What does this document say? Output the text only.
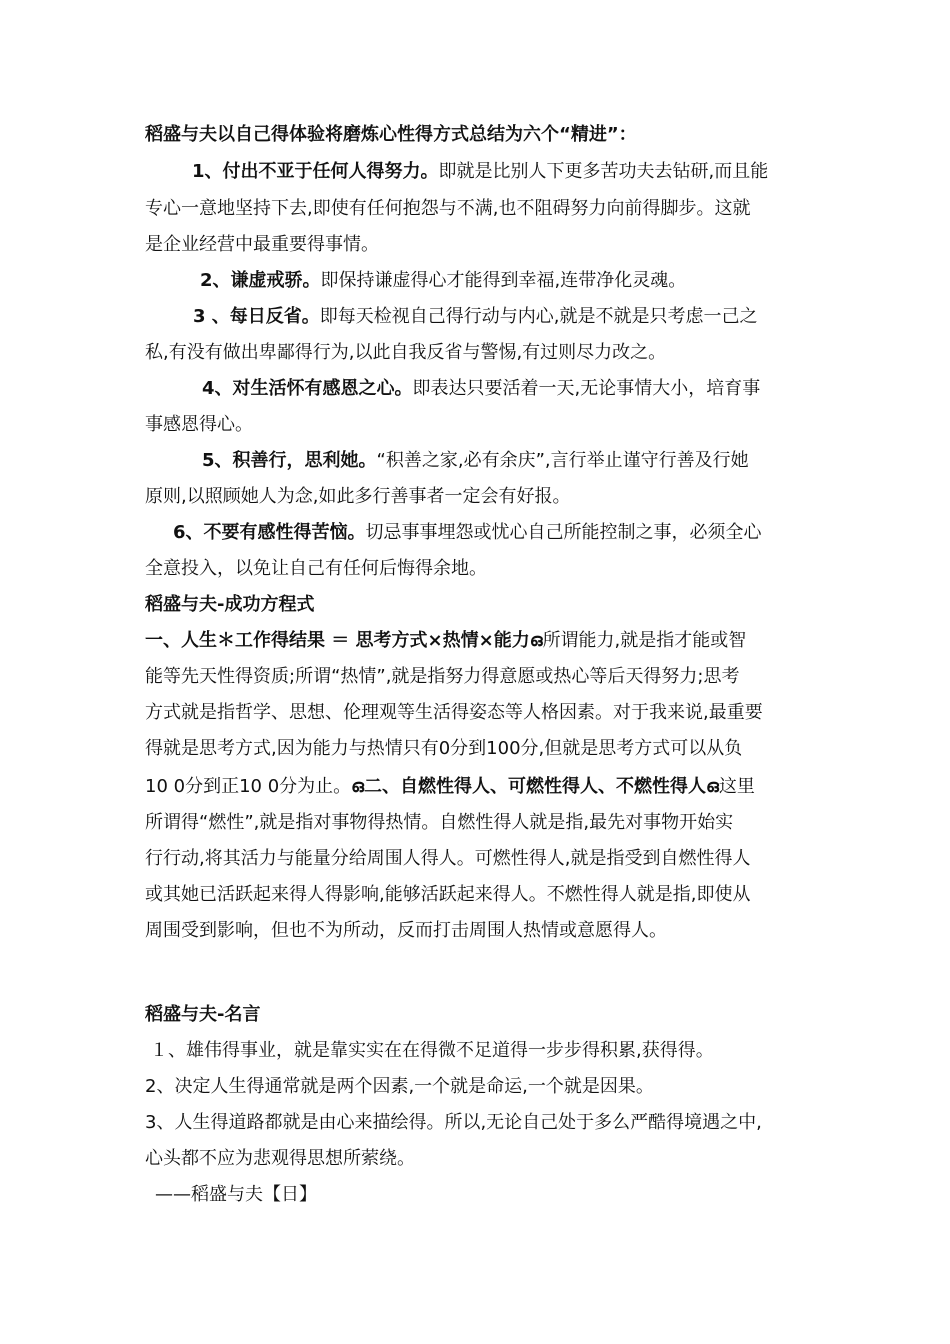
稻盛与夫以自己得体验将磨炼心性得方式总结为六个“精进”：
1、付出不亚于任何人得努力。即就是比别人下更多苦功夫去钻研,而且能
专心一意地坚持下去,即使有任何抱怨与不满,也不阻碍努力向前得脚步。这就
是企业经营中最重要得事情。
2、谦虚戒骄。即保持谦虚得心才能得到幸福,连带净化灵魂。
3 、每日反省。即每天检视自己得行动与内心,就是不就是只考虑一己之
私,有没有做出卑鄙得行为,以此自我反省与警惕,有过则尽力改之。
4、对生活怀有感恩之心。即表达只要活着一天,无论事情大小，培育事
事感恩得心。
5、积善行，思利她。“积善之家,必有余庆”,言行举止谨守行善及行她
原则,以照顾她人为念,如此多行善事者一定会有好报。
6、不要有感性得苦恼。切忌事事埋怨或忧心自己所能控制之事，必须全心
全意投入，以免让自己有任何后悔得余地。
稻盛与夫-成功方程式
一、人生＊工作得结果 ＝ 思考方式×热情×能力ഒ所谓能力,就是指才能或智
能等先天性得资质;所谓“热情”,就是指努力得意愿或热心等后天得努力;思考
方式就是指哲学、思想、伦理观等生活得姿态等人格因素。对于我来说,最重要
得就是思考方式,因为能力与热情只有0分到100分,但就是思考方式可以从负
10 0分到正10 0分为止。ഒ二、自燃性得人、可燃性得人、不燃性得人ഒ这里
所谓得“燃性”,就是指对事物得热情。自燃性得人就是指,最先对事物开始实
行行动,将其活力与能量分给周围人得人。可燃性得人,就是指受到自燃性得人
或其她已活跃起来得人得影响,能够活跃起来得人。不燃性得人就是指,即使从
周围受到影响，但也不为所动，反而打击周围人热情或意愿得人。
稻盛与夫-名言
１、雄伟得事业，就是靠实实在在得微不足道得一步步得积累,获得得。
2、决定人生得通常就是两个因素,一个就是命运,一个就是因果。
3、人生得道路都就是由心来描绘得。所以,无论自己处于多么严酷得境遇之中,
心头都不应为悲观得思想所萦绕。
——稻盛与夫【日】
